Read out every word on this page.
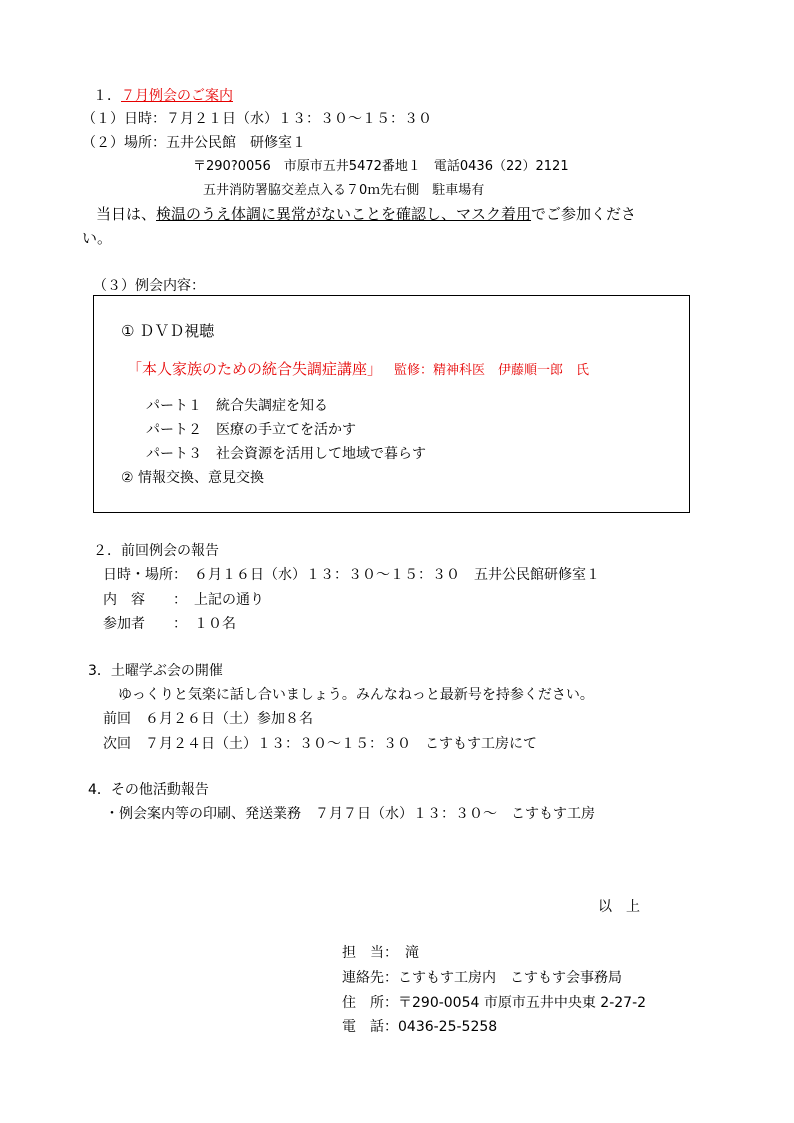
１．７月例会のご案内
（１）日時：７月２１日（水）１３：３０～１５：３０
（２）場所：五井公民館　研修室１
〒290?0056　市原市五井5472番地１　電話0436（22）2121
五井消防署脇交差点入る７0ｍ先右側　駐車場有
当日は、検温のうえ体調に異常がないことを確認し、マスク着用でご参加くださ
い。
（３）例会内容：
① ＤＶＤ視聴
「本人家族のための統合失調症講座」 監修：精神科医　伊藤順一郎　氏
パート１　統合失調症を知る
パート２　医療の手立てを活かす
パート３　社会資源を活用して地域で暮らす
② 情報交換、意見交換
２．前回例会の報告
日時・場所：　６月１６日（水）１３：３０～１５：３０　五井公民館研修室１
内　容　　：　上記の通り
参加者　　：　１０名
3．土曜学ぶ会の開催
ゆっくりと気楽に話し合いましょう。みんなねっと最新号を持参ください。
前回　６月２６日（土）参加８名
次回　７月２４日（土）１３：３０～１５：３０　こすもす工房にて
4．その他活動報告
・例会案内等の印刷、発送業務　７月７日（水）１３：３０～　こすもす工房
以　上
担　当：　滝
連絡先：こすもす工房内　こすもす会事務局
住　所：〒290-0054 市原市五井中央東 2-27-2
電　話：0436-25-5258
